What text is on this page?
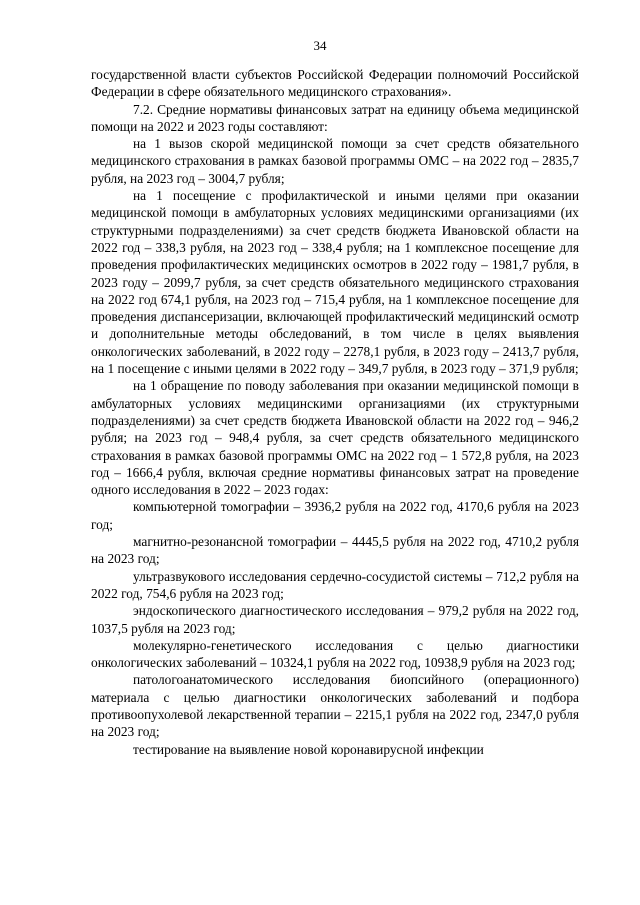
34

государственной власти субъектов Российской Федерации полномочий Российской Федерации в сфере обязательного медицинского страхования».

7.2. Средние нормативы финансовых затрат на единицу объема медицинской помощи на 2022 и 2023 годы составляют:

на 1 вызов скорой медицинской помощи за счет средств обязательного медицинского страхования в рамках базовой программы ОМС – на 2022 год – 2835,7 рубля, на 2023 год – 3004,7 рубля;

на 1 посещение с профилактической и иными целями при оказании медицинской помощи в амбулаторных условиях медицинскими организациями (их структурными подразделениями) за счет средств бюджета Ивановской области на 2022 год – 338,3 рубля, на 2023 год – 338,4 рубля; на 1 комплексное посещение для проведения профилактических медицинских осмотров в 2022 году – 1981,7 рубля, в 2023 году – 2099,7 рубля, за счет средств обязательного медицинского страхования на 2022 год 674,1 рубля, на 2023 год – 715,4 рубля, на 1 комплексное посещение для проведения диспансеризации, включающей профилактический медицинский осмотр и дополнительные методы обследований, в том числе в целях выявления онкологических заболеваний, в 2022 году – 2278,1 рубля, в 2023 году – 2413,7 рубля, на 1 посещение с иными целями в 2022 году – 349,7 рубля, в 2023 году – 371,9 рубля;

на 1 обращение по поводу заболевания при оказании медицинской помощи в амбулаторных условиях медицинскими организациями (их структурными подразделениями) за счет средств бюджета Ивановской области на 2022 год – 946,2 рубля; на 2023 год – 948,4 рубля, за счет средств обязательного медицинского страхования в рамках базовой программы ОМС на 2022 год – 1 572,8 рубля, на 2023 год – 1666,4 рубля, включая средние нормативы финансовых затрат на проведение одного исследования в 2022 – 2023 годах:

компьютерной томографии – 3936,2 рубля на 2022 год, 4170,6 рубля на 2023 год;

магнитно-резонансной томографии – 4445,5 рубля на 2022 год, 4710,2 рубля на 2023 год;

ультразвукового исследования сердечно-сосудистой системы – 712,2 рубля на 2022 год, 754,6 рубля на 2023 год;

эндоскопического диагностического исследования – 979,2 рубля на 2022 год, 1037,5 рубля на 2023 год;

молекулярно-генетического исследования с целью диагностики онкологических заболеваний – 10324,1 рубля на 2022 год, 10938,9 рубля на 2023 год;

патологоанатомического исследования биопсийного (операционного) материала с целью диагностики онкологических заболеваний и подбора противоопухолевой лекарственной терапии – 2215,1 рубля на 2022 год, 2347,0 рубля на 2023 год;

тестирование на выявление новой коронавирусной инфекции
